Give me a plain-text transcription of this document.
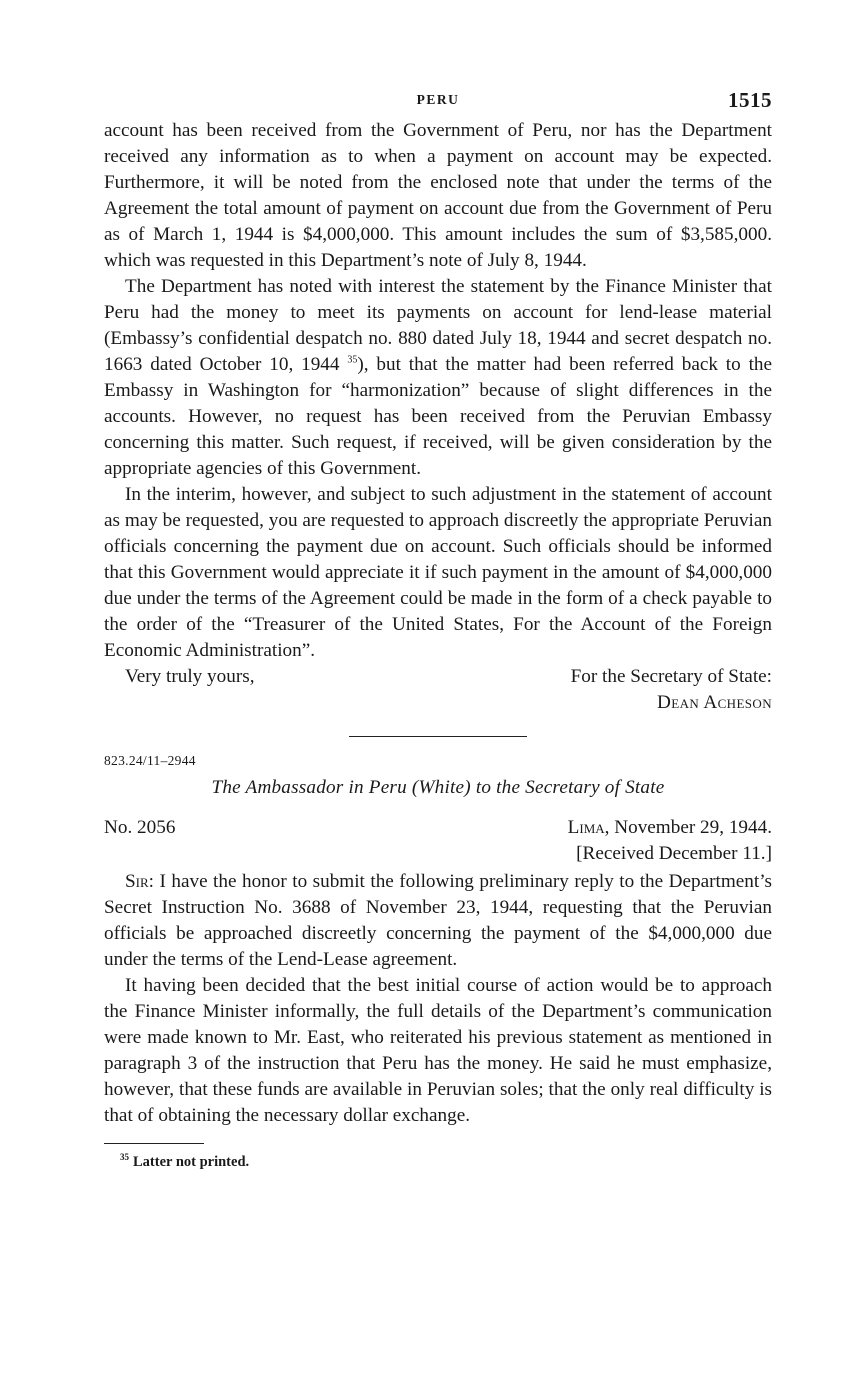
PERU	1515

account has been received from the Government of Peru, nor has the Department received any information as to when a payment on account may be expected. Furthermore, it will be noted from the enclosed note that under the terms of the Agreement the total amount of payment on account due from the Government of Peru as of March 1, 1944 is $4,000,000. This amount includes the sum of $3,585,000. which was requested in this Department’s note of July 8, 1944.

The Department has noted with interest the statement by the Finance Minister that Peru had the money to meet its payments on account for lend-lease material (Embassy’s confidential despatch no. 880 dated July 18, 1944 and secret despatch no. 1663 dated October 10, 1944 $^{35}$), but that the matter had been referred back to the Embassy in Washington for “harmonization” because of slight differences in the accounts. However, no request has been received from the Peruvian Embassy concerning this matter. Such request, if received, will be given consideration by the appropriate agencies of this Government.

In the interim, however, and subject to such adjustment in the statement of account as may be requested, you are requested to approach discreetly the appropriate Peruvian officials concerning the payment due on account. Such officials should be informed that this Government would appreciate it if such payment in the amount of $4,000,000 due under the terms of the Agreement could be made in the form of a check payable to the order of the “Treasurer of the United States, For the Account of the Foreign Economic Administration”.

Very truly yours,	For the Secretary of State:
Dean Acheson
823.24/11–2944
The Ambassador in Peru (White) to the Secretary of State
No. 2056	Lima, November 29, 1944.
[Received December 11.]

Sir: I have the honor to submit the following preliminary reply to the Department’s Secret Instruction No. 3688 of November 23, 1944, requesting that the Peruvian officials be approached discreetly concerning the payment of the $4,000,000 due under the terms of the Lend-Lease agreement.

It having been decided that the best initial course of action would be to approach the Finance Minister informally, the full details of the Department’s communication were made known to Mr. East, who reiterated his previous statement as mentioned in paragraph 3 of the instruction that Peru has the money. He said he must emphasize, however, that these funds are available in Peruvian soles; that the only real difficulty is that of obtaining the necessary dollar exchange.

$^{35}$ Latter not printed.
